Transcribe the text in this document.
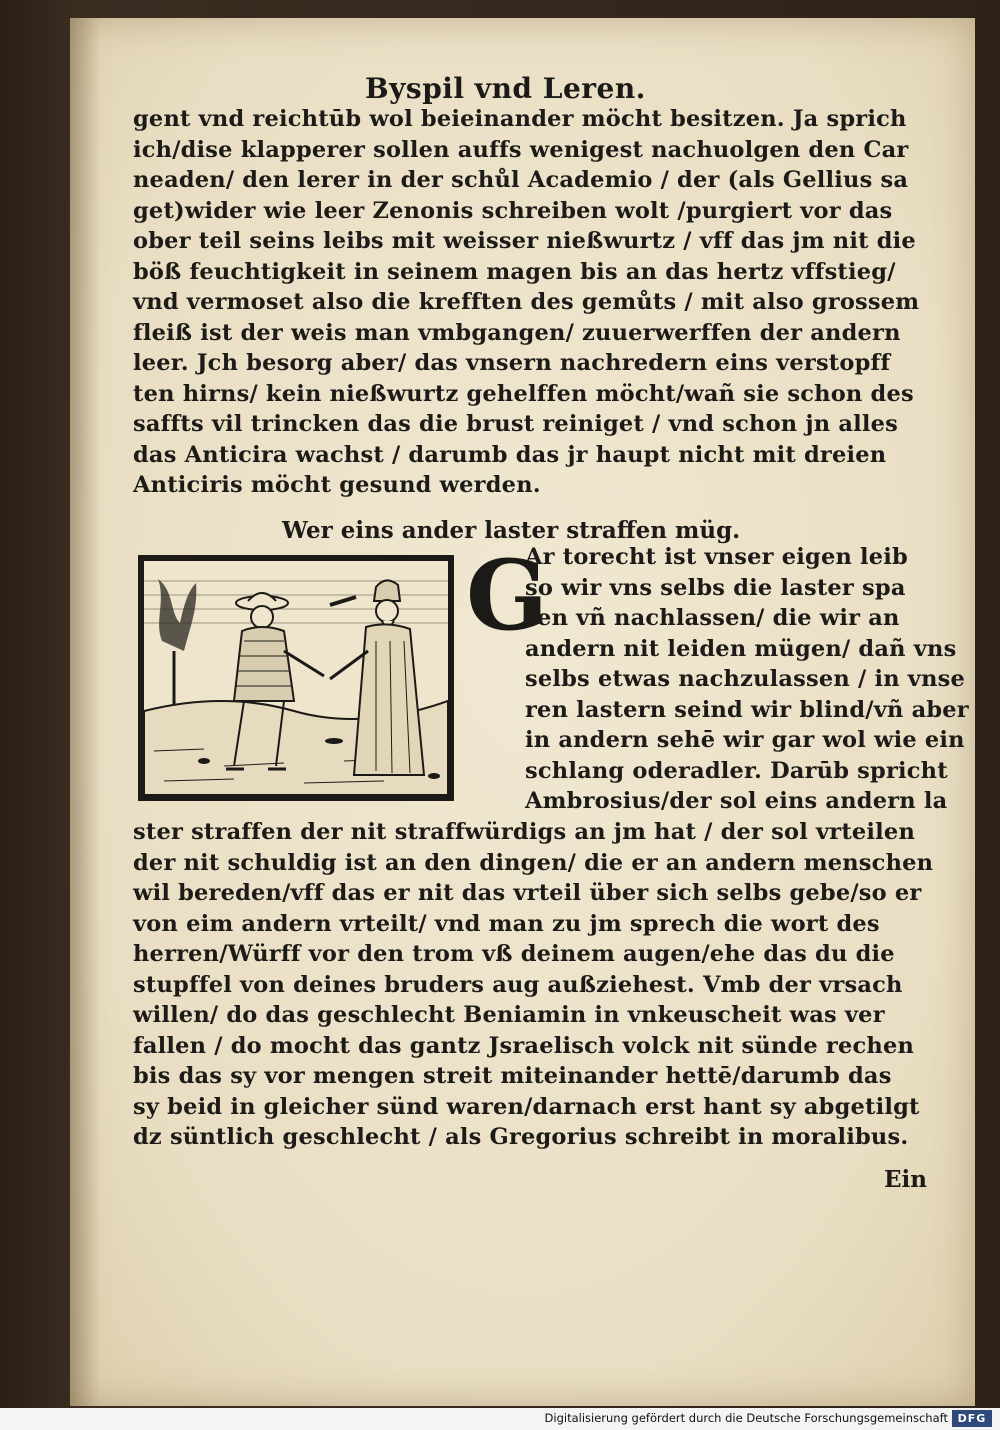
Byspil vnd Leren.
gent vnd reichtūb wol beieinander möcht besitzen. Ja sprich
ich/dise klapperer sollen auffs wenigest nachuolgen den Car
neaden/ den lerer in der schůl Academio / der (als Gellius sa
get)wider wie leer Zenonis schreiben wolt /purgiert vor das
ober teil seins leibs mit weisser nießwurtz / vff das jm nit die
böß feuchtigkeit in seinem magen bis an das hertz vffstieg/
vnd vermoset also die krefften des gemůts / mit also grossem
fleiß ist der weis man vmbgangen/ zuuerwerffen der andern
leer. Jch besorg aber/ das vnsern nachredern eins verstopff
ten hirns/ kein nießwurtz gehelffen möcht/wañ sie schon des
saffts vil trincken das die brust reiniget / vnd schon jn alles
das Anticira wachst / darumb das jr haupt nicht mit dreien
Anticiris möcht gesund werden.
Wer eins ander laster straffen müg.
G
Ar torecht ist vnser eigen leib
so wir vns selbs die laster spa
ren vñ nachlassen/ die wir an
andern nit leiden mügen/ dañ vns
selbs etwas nachzulassen / in vnse
ren lastern seind wir blind/vñ aber
in andern sehē wir gar wol wie ein
schlang oderadler. Darūb spricht
Ambrosius/der sol eins andern la
ster straffen der nit straffwürdigs an jm hat / der sol vrteilen
der nit schuldig ist an den dingen/ die er an andern menschen
wil bereden/vff das er nit das vrteil über sich selbs gebe/so er
von eim andern vrteilt/ vnd man zu jm sprech die wort des
herren/Würff vor den trom vß deinem augen/ehe das du die
stupffel von deines bruders aug außziehest. Vmb der vrsach
willen/ do das geschlecht Beniamin in vnkeuscheit was ver
fallen / do mocht das gantz Jsraelisch volck nit sünde rechen
bis das sy vor mengen streit miteinander hettē/darumb das
sy beid in gleicher sünd waren/darnach erst hant sy abgetilgt
dz süntlich geschlecht / als Gregorius schreibt in moralibus.
Ein
Digitalisierung gefördert durch die Deutsche Forschungsgemeinschaft DFG
